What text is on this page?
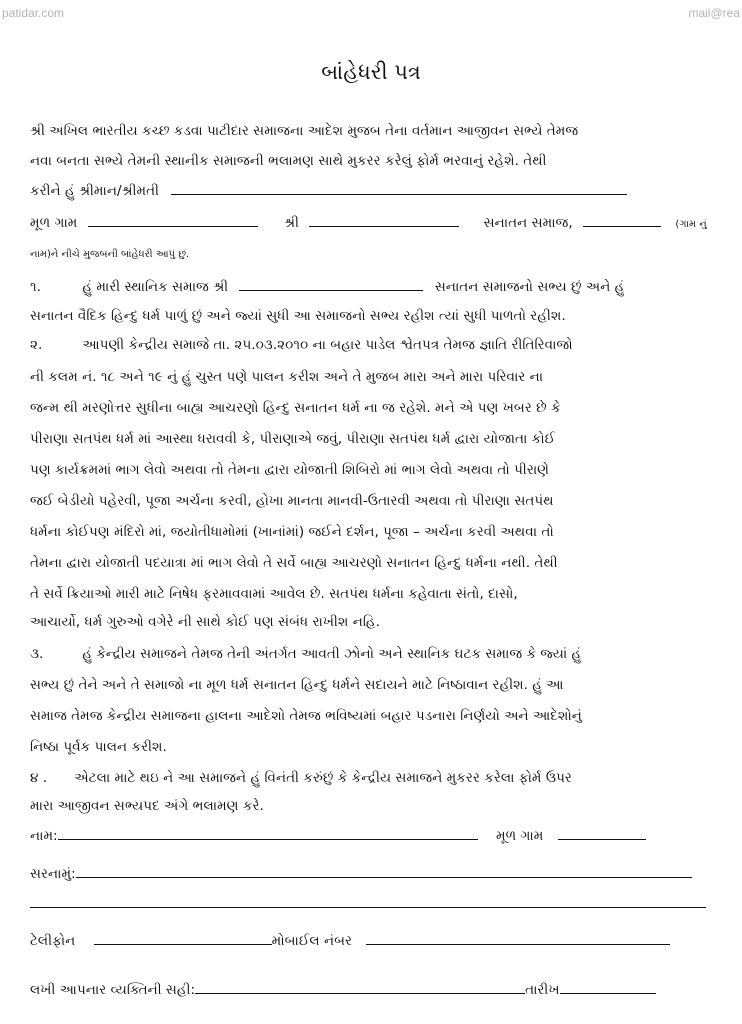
patidar.com	mail@rea
બાંહેધરી પત્ર
શ્રી અખિલ ભારતીય કચ્છ કડવા પાટીદાર સમાજના આદેશ મુજબ તેના વર્તમાન આજીવન સભ્યે તેમજ
નવા બનતા સભ્યે તેમની સ્થાનીક સમાજની ભલામણ સાથે મુકરર કરેલું ફોર્મ ભરવાનું રહેશે. તેથી
કરીને હું શ્રીમાન/શ્રીમતી
મૂળ ગામ	શ્રી	સનાતન સમાજ,	(ગામ નું
નામ)ને નીચે મુજબની બાંહેધરી આપું છું.
૧.	હું મારી સ્થાનિક સમાજ શ્રી	સનાતન સમાજનો સભ્ય છું અને હું
સનાતન વૈદિક હિન્દુ ધર્મ પાળું છું અને જ્યાં સુધી આ સમાજનો સભ્ય રહીશ ત્યાં સુધી પાળતો રહીશ.
૨.	આપણી કેન્દ્રીય સમાજે તા. ૨૫.૦૩.૨૦૧૦ ના બહાર પાડેલ શ્વેતપત્ર તેમજ જ્ઞાતિ રીતિરિવાજો
ની કલમ નં. ૧૮ અને ૧૯ નું હું ચુસ્ત પણે પાલન કરીશ અને તે મુજબ મારા અને મારા પરિવાર ના
જન્મ થી મરણોત્તર સુધીના બાહ્ય આચરણો હિન્દુ સનાતન ધર્મ ના જ રહેશે. મને એ પણ ખબર છે કે
પીરાણા સતપંથ ધર્મ માં આસ્થા ધરાવવી કે, પીરાણાએ જવું, પીરાણા સતપંથ ધર્મ દ્વારા યોજાતા કોઈ
પણ કાર્યક્રમમાં ભાગ લેવો અથવા તો તેમના દ્વારા યોજાતી શિબિરો માં ભાગ લેવો અથવા તો પીરાણે
જઈ બેડીયો પહેરવી, પૂજા અર્ચના કરવી, હોખા માનતા માનવી-ઉતારવી અથવા તો પીરાણા સતપંથ
ધર્મના કોઈપણ મંદિરો માં, જયોતીધામોમાં (ખાનાંમાં) જઈને દર્શન, પૂજા – અર્ચના કરવી અથવા તો
તેમના દ્વારા યોજાતી પદયાત્રા માં ભાગ લેવો તે સર્વે બાહ્ય આચરણો સનાતન હિન્દુ ધર્મના નથી. તેથી
તે સર્વે ક્રિયાઓ મારી માટે નિષેધ ફરમાવવામાં આવેલ છે. સતપંથ ધર્મના કહેવાતા સંતો, દાસો,
આચાર્યો, ધર્મ ગુરુઓ વગેરે ની સાથે કોઈ પણ સંબંધ રાખીશ નહિ.
૩.	હું કેન્દ્રીય સમાજને તેમજ તેની અંતર્ગત આવતી ઝોનો અને સ્થાનિક ઘટક સમાજ કે જ્યાં હું
સભ્ય છું તેને અને તે સમાજો ના મૂળ ધર્મ સનાતન હિન્દુ ધર્મને સદાયને માટે નિષ્ઠાવાન રહીશ. હું આ
સમાજ તેમજ કેન્દ્રીય સમાજના હાલના આદેશો તેમજ ભવિષ્યમાં બહાર પડનારા નિર્ણયો અને આદેશોનું
નિષ્ઠા પૂર્વક પાલન કરીશ.
૪ . એટલા માટે થઇ ને આ સમાજને હું વિનંતી કરુંછું કે કેન્દ્રીય સમાજને મુકરર કરેલા ફોર્મ ઉપર
મારા આજીવન સભ્યપદ અંગે ભલામણ કરે.
નામ:	મૂળ ગામ
સરનામું:
ટેલીફોન	મોબાઈલ નંબર
લખી આપનાર વ્યક્તિની સહી:	તારીખ
